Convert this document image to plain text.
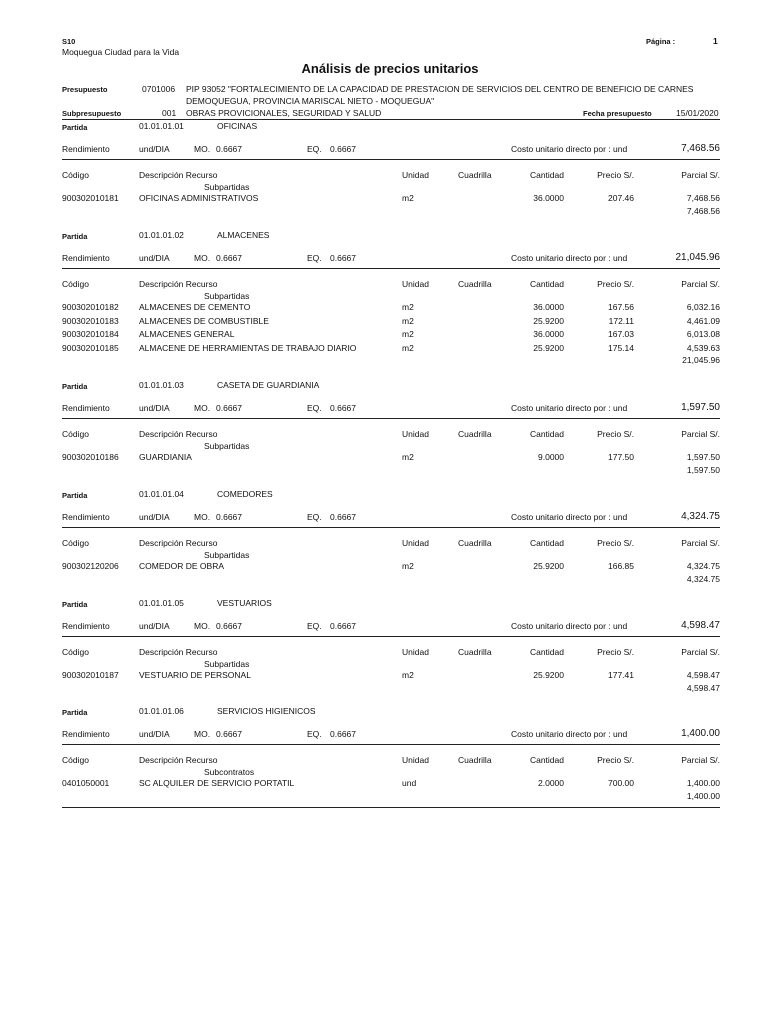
S10
Moquegua Ciudad para la Vida
Página :	1
Análisis de precios unitarios
Presupuesto	0701006 PIP 93052 "FORTALECIMIENTO DE LA CAPACIDAD DE PRESTACION DE SERVICIOS DEL CENTRO DE BENEFICIO DE CARNES
DEMOQUEGUA, PROVINCIA MARISCAL NIETO - MOQUEGUA"
Subpresupuesto	001 OBRAS PROVICIONALES, SEGURIDAD Y SALUD	Fecha presupuesto	15/01/2020
Partida	01.01.01.01	OFICINAS
Rendimiento	und/DIA	MO. 0.6667	EQ. 0.6667	Costo unitario directo por : und	7,468.56
Código	Descripción Recurso	Unidad	Cuadrilla	Cantidad	Precio S/.	Parcial S/.
Subpartidas
900302010181 OFICINAS ADMINISTRATIVOS	m2	36.0000	207.46	7,468.56
7,468.56
Partida	01.01.01.02	ALMACENES
Rendimiento	und/DIA	MO. 0.6667	EQ. 0.6667	Costo unitario directo por : und	21,045.96
Código	Descripción Recurso	Unidad	Cuadrilla	Cantidad	Precio S/.	Parcial S/.
Subpartidas
900302010182 ALMACENES DE CEMENTO	m2	36.0000	167.56	6,032.16
900302010183 ALMACENES DE COMBUSTIBLE	m2	25.9200	172.11	4,461.09
900302010184 ALMACENES GENERAL	m2	36.0000	167.03	6,013.08
900302010185 ALMACENE DE HERRAMIENTAS DE TRABAJO DIARIO	m2	25.9200	175.14	4,539.63
21,045.96
Partida	01.01.01.03	CASETA DE GUARDIANIA
Rendimiento	und/DIA	MO. 0.6667	EQ. 0.6667	Costo unitario directo por : und	1,597.50
Código	Descripción Recurso	Unidad	Cuadrilla	Cantidad	Precio S/.	Parcial S/.
Subpartidas
900302010186 GUARDIANIA	m2	9.0000	177.50	1,597.50
1,597.50
Partida	01.01.01.04	COMEDORES
Rendimiento	und/DIA	MO. 0.6667	EQ. 0.6667	Costo unitario directo por : und	4,324.75
Código	Descripción Recurso	Unidad	Cuadrilla	Cantidad	Precio S/.	Parcial S/.
Subpartidas
900302120206 COMEDOR DE OBRA	m2	25.9200	166.85	4,324.75
4,324.75
Partida	01.01.01.05	VESTUARIOS
Rendimiento	und/DIA	MO. 0.6667	EQ. 0.6667	Costo unitario directo por : und	4,598.47
Código	Descripción Recurso	Unidad	Cuadrilla	Cantidad	Precio S/.	Parcial S/.
Subpartidas
900302010187 VESTUARIO DE PERSONAL	m2	25.9200	177.41	4,598.47
4,598.47
Partida	01.01.01.06	SERVICIOS HIGIENICOS
Rendimiento	und/DIA	MO. 0.6667	EQ. 0.6667	Costo unitario directo por : und	1,400.00
Código	Descripción Recurso	Unidad	Cuadrilla	Cantidad	Precio S/.	Parcial S/.
Subcontratos
0401050001	SC ALQUILER DE SERVICIO PORTATIL	und	2.0000	700.00	1,400.00
1,400.00
